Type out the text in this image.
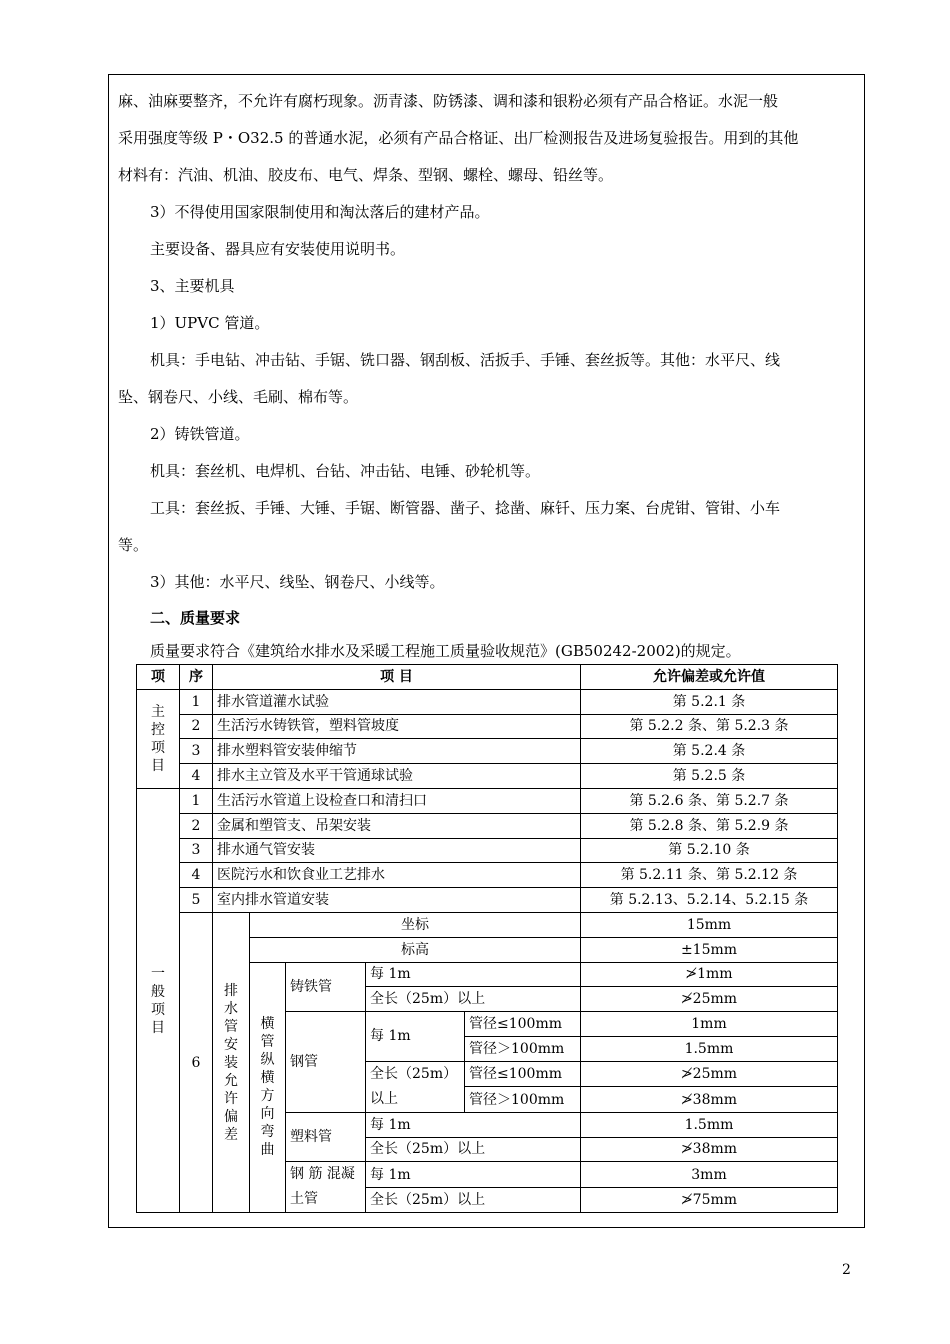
麻、油麻要整齐，不允许有腐朽现象。沥青漆、防锈漆、调和漆和银粉必须有产品合格证。水泥一般
采用强度等级 P・O32.5 的普通水泥，必须有产品合格证、出厂检测报告及进场复验报告。用到的其他
材料有：汽油、机油、胶皮布、电气、焊条、型钢、螺栓、螺母、铅丝等。
3）不得使用国家限制使用和淘汰落后的建材产品。
主要设备、器具应有安装使用说明书。
3、主要机具
1）UPVC 管道。
机具：手电钻、冲击钻、手锯、铣口器、钢刮板、活扳手、手锤、套丝扳等。其他：水平尺、线
坠、钢卷尺、小线、毛刷、棉布等。
2）铸铁管道。
机具：套丝机、电焊机、台钻、冲击钻、电锤、砂轮机等。
工具：套丝扳、手锤、大锤、手锯、断管器、凿子、捻凿、麻钎、压力案、台虎钳、管钳、小车
等。
3）其他：水平尺、线坠、钢卷尺、小线等。
二、质量要求
质量要求符合《建筑给水排水及采暖工程施工质量验收规范》(GB50242-2002)的规定。
项	序	项 目					允许偏差或允许值

主控项目	1	排水管道灌水试验					第 5.2.1 条
	2	生活污水铸铁管，塑料管坡度					第 5.2.2 条、第 5.2.3 条
	3	排水塑料管安装伸缩节					第 5.2.4 条
	4	排水主立管及水平干管通球试验					第 5.2.5 条

一般项目	1	生活污水管道上设检查口和清扫口					第 5.2.6 条、第 5.2.7 条
	2	金属和塑管支、吊架安装					第 5.2.8 条、第 5.2.9 条
	3	排水通气管安装					第 5.2.10 条
	4	医院污水和饮食业工艺排水					第 5.2.11 条、第 5.2.12 条
	5	室内排水管道安装					第 5.2.13、5.2.14、5.2.15 条
	6	排水管安装允许偏差	坐标				15mm
			标高				±15mm

			横管纵横方向弯曲	铸铁管	每 1m		≯1mm
					全长（25m）以上		≯25mm
				钢管	每 1m	管径≤100mm	1mm
						管径＞100mm	1.5mm
					全长（25m）以上	管径≤100mm	≯25mm
						管径＞100mm	≯38mm
				塑料管	每 1m		1.5mm
					全长（25m）以上		≯38mm
				钢 筋 混凝土管	每 1m		3mm
					全长（25m）以上		≯75mm
2
